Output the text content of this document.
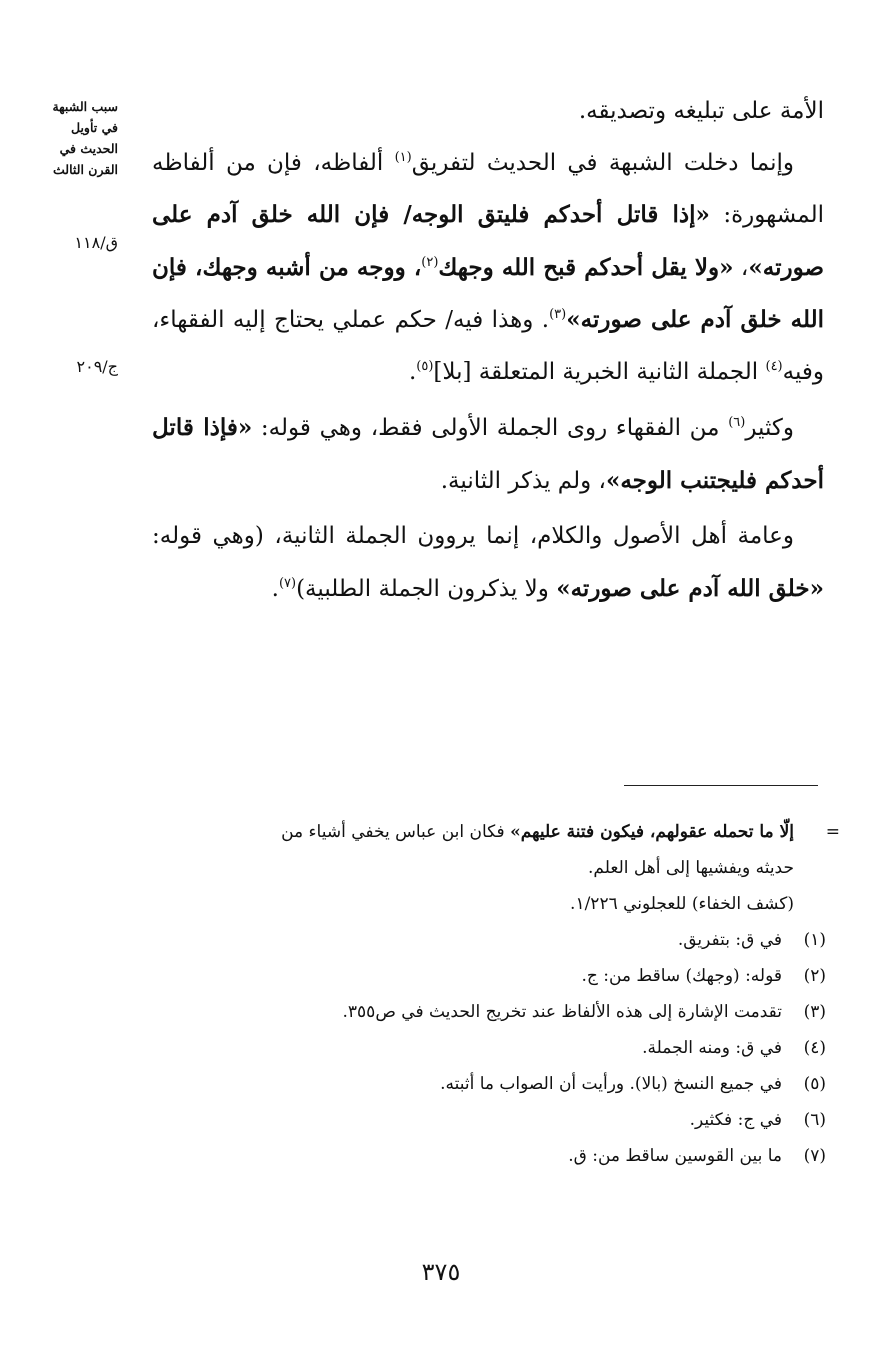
سبب الشبهة
في تأويل
الحديث في
القرن الثالث
ق/١١٨
ج/٢٠٩

الأمة على تبليغه وتصديقه.

وإنما دخلت الشبهة في الحديث لتفريق$^{(١)}$ ألفاظه، فإن من ألفاظه المشهورة: «إذا قاتل أحدكم فليتق الوجه/ فإن الله خلق آدم على صورته»، «ولا يقل أحدكم قبح الله وجهك$^{(٢)}$، ووجه من أشبه وجهك، فإن الله خلق آدم على صورته»$^{(٣)}$. وهذا فيه/ حكم عملي يحتاج إليه الفقهاء، وفيه$^{(٤)}$ الجملة الثانية الخبرية المتعلقة [بلا]$^{(٥)}$.

وكثير$^{(٦)}$ من الفقهاء روى الجملة الأولى فقط، وهي قوله: «فإذا قاتل أحدكم فليجتنب الوجه»، ولم يذكر الثانية.

وعامة أهل الأصول والكلام، إنما يروون الجملة الثانية، (وهي قوله: «خلق الله آدم على صورته» ولا يذكرون الجملة الطلبية)$^{(٧)}$.

=
إلّا ما تحمله عقولهم، فيكون فتنة عليهم» فكان ابن عباس يخفي أشياء من
حديثه ويفشيها إلى أهل العلم.
(كشف الخفاء) للعجلوني ١/٢٢٦.
(١)
في ق: بتفريق.
(٢)
قوله: (وجهك) ساقط من: ج.
(٣)
تقدمت الإشارة إلى هذه الألفاظ عند تخريج الحديث في ص٣٥٥.
(٤)
في ق: ومنه الجملة.
(٥)
في جميع النسخ (بالا). ورأيت أن الصواب ما أثبته.
(٦)
في ج: فكثير.
(٧)
ما بين القوسين ساقط من: ق.
٣٧٥
